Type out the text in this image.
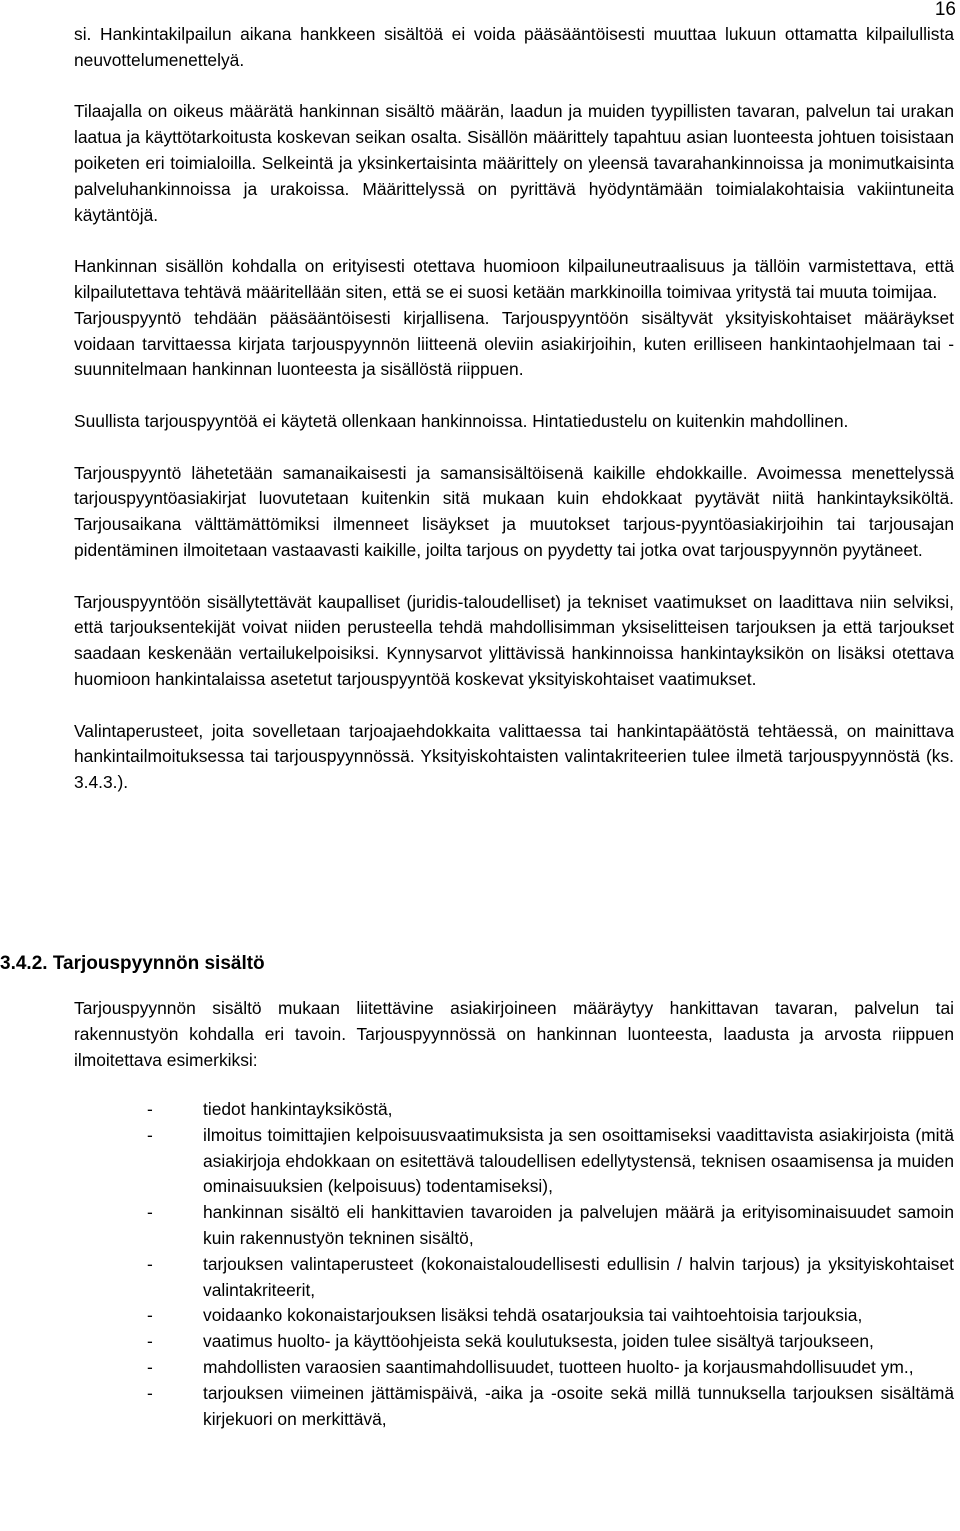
16

si. Hankintakilpailun aikana hankkeen sisältöä ei voida pääsääntöisesti muuttaa lukuun ottamatta kilpailullista neuvottelumenettelyä.

Tilaajalla on oikeus määrätä hankinnan sisältö määrän, laadun ja muiden tyypillisten tavaran, palvelun tai urakan laatua ja käyttötarkoitusta koskevan seikan osalta. Sisällön määrittely tapahtuu asian luonteesta johtuen toisistaan poiketen eri toimialoilla. Selkeintä ja yksinkertaisinta määrittely on yleensä tavarahankinnoissa ja monimutkaisinta palveluhankinnoissa ja urakoissa. Määrittelyssä on pyrittävä hyödyntämään toimialakohtaisia vakiintuneita käytäntöjä.

Hankinnan sisällön kohdalla on erityisesti otettava huomioon kilpailuneutraalisuus ja tällöin varmistettava, että kilpailutettava tehtävä määritellään siten, että se ei suosi ketään markkinoilla toimivaa yritystä tai muuta toimijaa.

Tarjouspyyntö tehdään pääsääntöisesti kirjallisena. Tarjouspyyntöön sisältyvät yksityiskohtaiset määräykset voidaan tarvittaessa kirjata tarjouspyynnön liitteenä oleviin asiakirjoihin, kuten erilliseen hankintaohjelmaan tai -suunnitelmaan hankinnan luonteesta ja sisällöstä riippuen.

Suullista tarjouspyyntöä ei käytetä ollenkaan hankinnoissa. Hintatiedustelu on kuitenkin mahdollinen.

Tarjouspyyntö lähetetään samanaikaisesti ja samansisältöisenä kaikille ehdokkaille. Avoimessa menettelyssä tarjouspyyntöasiakirjat luovutetaan kuitenkin sitä mukaan kuin ehdokkaat pyytävät niitä hankintayksiköltä. Tarjousaikana välttämättömiksi ilmenneet lisäykset ja muutokset tarjous-pyyntöasiakirjoihin tai tarjousajan pidentäminen ilmoitetaan vastaavasti kaikille, joilta tarjous on pyydetty tai jotka ovat tarjouspyynnön pyytäneet.

Tarjouspyyntöön sisällytettävät kaupalliset (juridis-taloudelliset) ja tekniset vaatimukset on laadittava niin selviksi, että tarjouksentekijät voivat niiden perusteella tehdä mahdollisimman yksiselitteisen tarjouksen ja että tarjoukset saadaan keskenään vertailukelpoisiksi. Kynnysarvot ylittävissä hankinnoissa hankintayksikön on lisäksi otettava huomioon hankintalaissa asetetut tarjouspyyntöä koskevat yksityiskohtaiset vaatimukset.

Valintaperusteet, joita sovelletaan tarjoajaehdokkaita valittaessa tai hankintapäätöstä tehtäessä, on mainittava hankintailmoituksessa tai tarjouspyynnössä. Yksityiskohtaisten valintakriteerien tulee ilmetä tarjouspyynnöstä (ks. 3.4.3.).

3.4.2. Tarjouspyynnön sisältö

Tarjouspyynnön sisältö mukaan liitettävine asiakirjoineen määräytyy hankittavan tavaran, palvelun tai rakennustyön kohdalla eri tavoin. Tarjouspyynnössä on hankinnan luonteesta, laadusta ja arvosta riippuen ilmoitettava esimerkiksi:

-	tiedot hankintayksiköstä,
-	ilmoitus toimittajien kelpoisuusvaatimuksista ja sen osoittamiseksi vaadittavista asiakirjoista (mitä asiakirjoja ehdokkaan on esitettävä taloudellisen edellytystensä, teknisen osaamisensa ja muiden ominaisuuksien (kelpoisuus) todentamiseksi),
-	hankinnan sisältö eli hankittavien tavaroiden ja palvelujen määrä ja erityisominaisuudet samoin kuin rakennustyön tekninen sisältö,
-	tarjouksen valintaperusteet (kokonaistaloudellisesti edullisin / halvin tarjous) ja yksityiskohtaiset valintakriteerit,
-	voidaanko kokonaistarjouksen lisäksi tehdä osatarjouksia tai vaihtoehtoisia tarjouksia,
-	vaatimus huolto- ja käyttöohjeista sekä koulutuksesta, joiden tulee sisältyä tarjoukseen,
-	mahdollisten varaosien saantimahdollisuudet, tuotteen huolto- ja korjausmahdollisuudet ym.,
-	tarjouksen viimeinen jättämispäivä, -aika ja -osoite sekä millä tunnuksella tarjouksen sisältämä kirjekuori on merkittävä,
